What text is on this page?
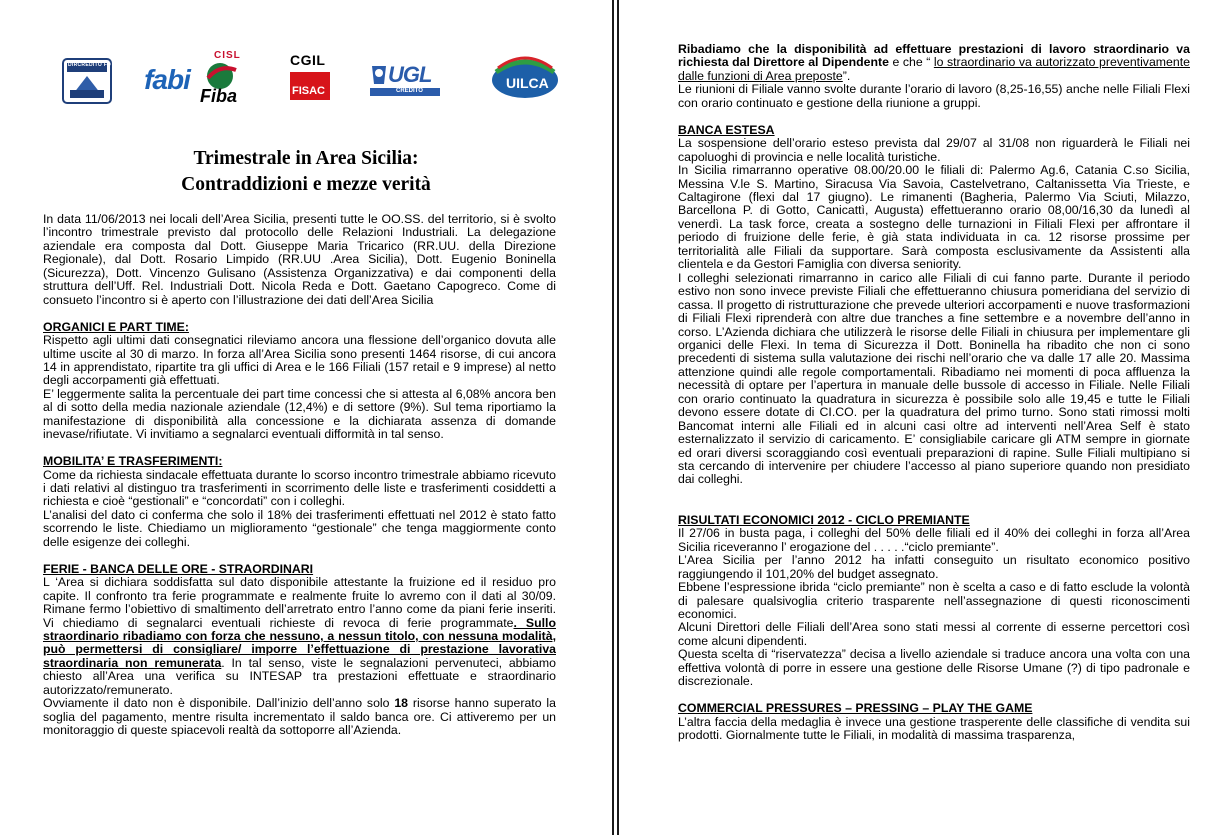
DIRCREDITO FD fabi
CISL
Fiba
CGIL
FISAC
UGL
CREDITO	UILCA
Trimestrale in Area Sicilia:
Contraddizioni e mezze verità

In data 11/06/2013 nei locali dell’Area Sicilia, presenti tutte le OO.SS. del territorio, si è svolto l’incontro trimestrale previsto dal protocollo delle Relazioni Industriali. La delegazione aziendale era composta dal Dott. Giuseppe Maria Tricarico (RR.UU. della Direzione Regionale), dal Dott. Rosario Limpido (RR.UU .Area Sicilia), Dott. Eugenio Boninella (Sicurezza), Dott. Vincenzo Gulisano (Assistenza Organizzativa) e dai componenti della struttura dell’Uff. Rel. Industriali Dott. Nicola Reda e Dott. Gaetano Capogreco. Come di consueto l’incontro si è aperto con l’illustrazione dei dati dell’Area Sicilia

ORGANICI E PART TIME:

Rispetto agli ultimi dati consegnatici rileviamo ancora una flessione dell’organico dovuta alle ultime uscite al 30 di marzo. In forza all’Area Sicilia sono presenti 1464 risorse, di cui ancora 14 in apprendistato, ripartite tra gli uffici di Area e le 166 Filiali (157 retail e 9 imprese) al netto degli accorpamenti già effettuati.

E’ leggermente salita la percentuale dei part time concessi che si attesta al 6,08% ancora ben al di sotto della media nazionale aziendale (12,4%) e di settore (9%). Sul tema riportiamo la manifestazione di disponibilità alla concessione e la dichiarata assenza di domande inevase/rifiutate. Vi invitiamo a segnalarci eventuali difformità in tal senso.

MOBILITA’ E TRASFERIMENTI:

Come da richiesta sindacale effettuata durante lo scorso incontro trimestrale abbiamo ricevuto i dati relativi al distinguo tra trasferimenti in scorrimento delle liste e trasferimenti cosiddetti a richiesta e cioè “gestionali” e “concordati” con i colleghi.

L’analisi del dato ci conferma che solo il 18% dei trasferimenti effettuati nel 2012 è stato fatto scorrendo le liste. Chiediamo un miglioramento “gestionale” che tenga maggiormente conto delle esigenze dei colleghi.

FERIE - BANCA DELLE ORE - STRAORDINARI

L ‘Area si dichiara soddisfatta sul dato disponibile attestante la fruizione ed il residuo pro capite. Il confronto tra ferie programmate e realmente fruite lo avremo con il dati al 30/09. Rimane fermo l’obiettivo di smaltimento dell’arretrato entro l’anno come da piani ferie inseriti. Vi chiediamo di segnalarci eventuali richieste di revoca di ferie programmate. Sullo straordinario ribadiamo con forza che nessuno, a nessun titolo, con nessuna modalità, può permettersi di consigliare/ imporre l’effettuazione di prestazione lavorativa straordinaria non remunerata. In tal senso, viste le segnalazioni pervenuteci, abbiamo chiesto all’Area una verifica su INTESAP tra prestazioni effettuate e straordinario autorizzato/remunerato.

Ovviamente il dato non è disponibile. Dall’inizio dell’anno solo 18 risorse hanno superato la soglia del pagamento, mentre risulta incrementato il saldo banca ore. Ci attiveremo per un monitoraggio di queste spiacevoli realtà da sottoporre all’Azienda.

Ribadiamo che la disponibilità ad effettuare prestazioni di lavoro straordinario va richiesta dal Direttore al Dipendente e che “ lo straordinario va autorizzato preventivamente dalle funzioni di Area preposte”.

Le riunioni di Filiale vanno svolte durante l’orario di lavoro (8,25-16,55) anche nelle Filiali Flexi con orario continuato e gestione della riunione a gruppi.

BANCA ESTESA

La sospensione dell’orario esteso prevista dal 29/07 al 31/08 non riguarderà le Filiali nei capoluoghi di provincia e nelle località turistiche.

In Sicilia rimarranno operative 08.00/20.00 le filiali di: Palermo Ag.6, Catania C.so Sicilia, Messina V.le S. Martino, Siracusa Via Savoia, Castelvetrano, Caltanissetta Via Trieste, e Caltagirone (flexi dal 17 giugno). Le rimanenti (Bagheria, Palermo Via Sciuti, Milazzo, Barcellona P. di Gotto, Canicattì, Augusta) effettueranno orario 08,00/16,30 da lunedì al venerdì. La task force, creata a sostegno delle turnazioni in Filiali Flexi per affrontare il periodo di fruizione delle ferie, è già stata individuata in ca. 12 risorse prossime per territorialità alle Filiali da supportare. Sarà composta esclusivamente da Assistenti alla clientela e da Gestori Famiglia con diversa seniority.

I colleghi selezionati rimarranno in carico alle Filiali di cui fanno parte. Durante il periodo estivo non sono invece previste Filiali che effettueranno chiusura pomeridiana del servizio di cassa. Il progetto di ristrutturazione che prevede ulteriori accorpamenti e nuove trasformazioni di Filiali Flexi riprenderà con altre due tranches a fine settembre e a novembre dell’anno in corso. L’Azienda dichiara che utilizzerà le risorse delle Filiali in chiusura per implementare gli organici delle Flexi. In tema di Sicurezza il Dott. Boninella ha ribadito che non ci sono precedenti di sistema sulla valutazione dei rischi nell’orario che va dalle 17 alle 20. Massima attenzione quindi alle regole comportamentali. Ribadiamo nei momenti di poca affluenza la necessità di optare per l’apertura in manuale delle bussole di accesso in Filiale. Nelle Filiali con orario continuato la quadratura in sicurezza è possibile solo alle 19,45 e tutte le Filiali devono essere dotate di CI.CO. per la quadratura del primo turno. Sono stati rimossi molti Bancomat interni alle Filiali ed in alcuni casi oltre ad interventi nell’Area Self è stato esternalizzato il servizio di caricamento. E’ consigliabile caricare gli ATM sempre in giornate ed orari diversi scoraggiando così eventuali preparazioni di rapine. Sulle Filiali multipiano si sta cercando di intervenire per chiudere l’accesso al piano superiore quando non presidiato dai colleghi.

RISULTATI ECONOMICI 2012 - CICLO PREMIANTE

Il 27/06 in busta paga, i colleghi del 50% delle filiali ed il 40% dei colleghi in forza all’Area Sicilia riceveranno l’ erogazione del . . . . .“ciclo premiante”.

L’Area Sicilia per l’anno 2012 ha infatti conseguito un risultato economico positivo raggiungendo il 101,20% del budget assegnato.

Ebbene l’espressione ibrida “ciclo premiante” non è scelta a caso e di fatto esclude la volontà di palesare qualsivoglia criterio trasparente nell’assegnazione di questi riconoscimenti economici.

Alcuni Direttori delle Filiali dell’Area sono stati messi al corrente di esserne percettori così come alcuni dipendenti.

Questa scelta di “riservatezza” decisa a livello aziendale si traduce ancora una volta con una effettiva volontà di porre in essere una gestione delle Risorse Umane (?) di tipo padronale e discrezionale.

COMMERCIAL PRESSURES – PRESSING – PLAY THE GAME

L’altra faccia della medaglia è invece una gestione trasperente delle classifiche di vendita sui prodotti. Giornalmente tutte le Filiali, in modalità di massima trasparenza,
